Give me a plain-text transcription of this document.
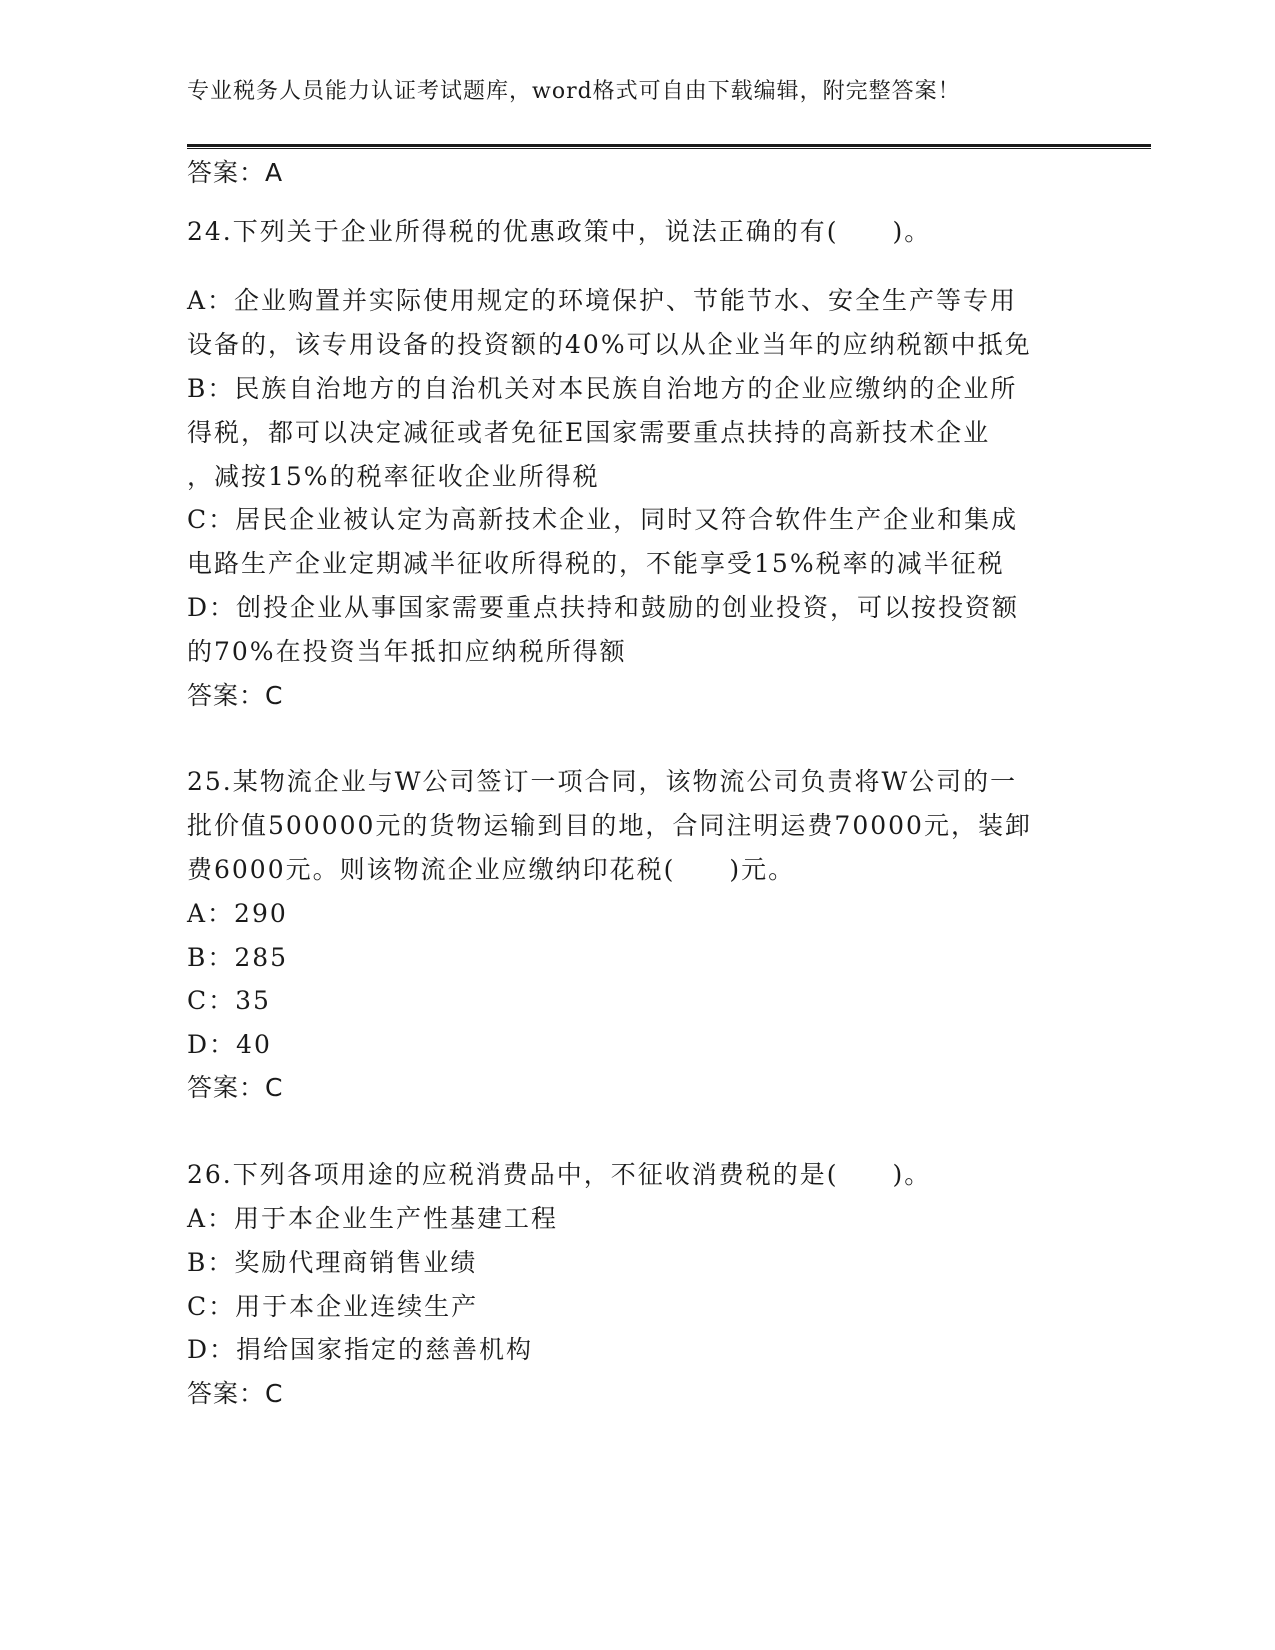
专业税务人员能力认证考试题库，word格式可自由下载编辑，附完整答案！
答案：A
24.下列关于企业所得税的优惠政策中，说法正确的有(　　)。
A：企业购置并实际使用规定的环境保护、节能节水、安全生产等专用
设备的，该专用设备的投资额的40%可以从企业当年的应纳税额中抵免
B：民族自治地方的自治机关对本民族自治地方的企业应缴纳的企业所
得税，都可以决定减征或者免征E国家需要重点扶持的高新技术企业
，减按15%的税率征收企业所得税
C：居民企业被认定为高新技术企业，同时又符合软件生产企业和集成
电路生产企业定期减半征收所得税的，不能享受15%税率的减半征税
D：创投企业从事国家需要重点扶持和鼓励的创业投资，可以按投资额
的70%在投资当年抵扣应纳税所得额
答案：C
25.某物流企业与W公司签订一项合同，该物流公司负责将W公司的一
批价值500000元的货物运输到目的地，合同注明运费70000元，装卸
费6000元。则该物流企业应缴纳印花税(　　)元。
A：290
B：285
C：35
D：40
答案：C
26.下列各项用途的应税消费品中，不征收消费税的是(　　)。
A：用于本企业生产性基建工程
B：奖励代理商销售业绩
C：用于本企业连续生产
D：捐给国家指定的慈善机构
答案：C
